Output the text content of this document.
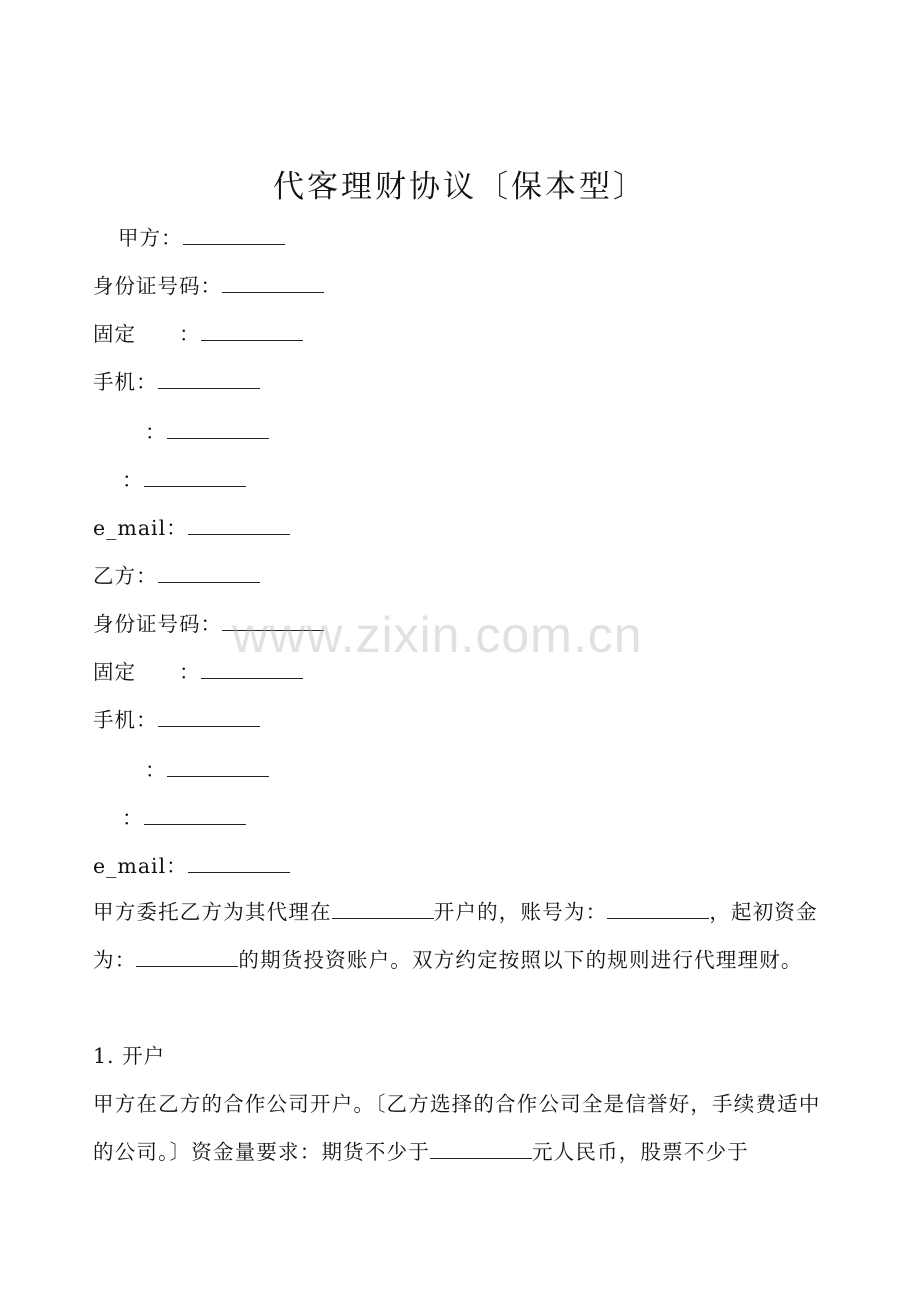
代客理财协议〔保本型〕
甲方：
身份证号码：
固定　　：
手机：
：
：
e_mail：
乙方：
身份证号码：
固定　　：
手机：
：
：
e_mail：
甲方委托乙方为其代理在	开户的，账号为：	，起初资金为：	的期货投资账户。双方约定按照以下的规则进行代理理财。
1. 开户
甲方在乙方的合作公司开户。〔乙方选择的合作公司全是信誉好，手续费适中的公司。〕资金量要求：期货不少于	元人民币，股票不少于
www.zixin.com.cn
